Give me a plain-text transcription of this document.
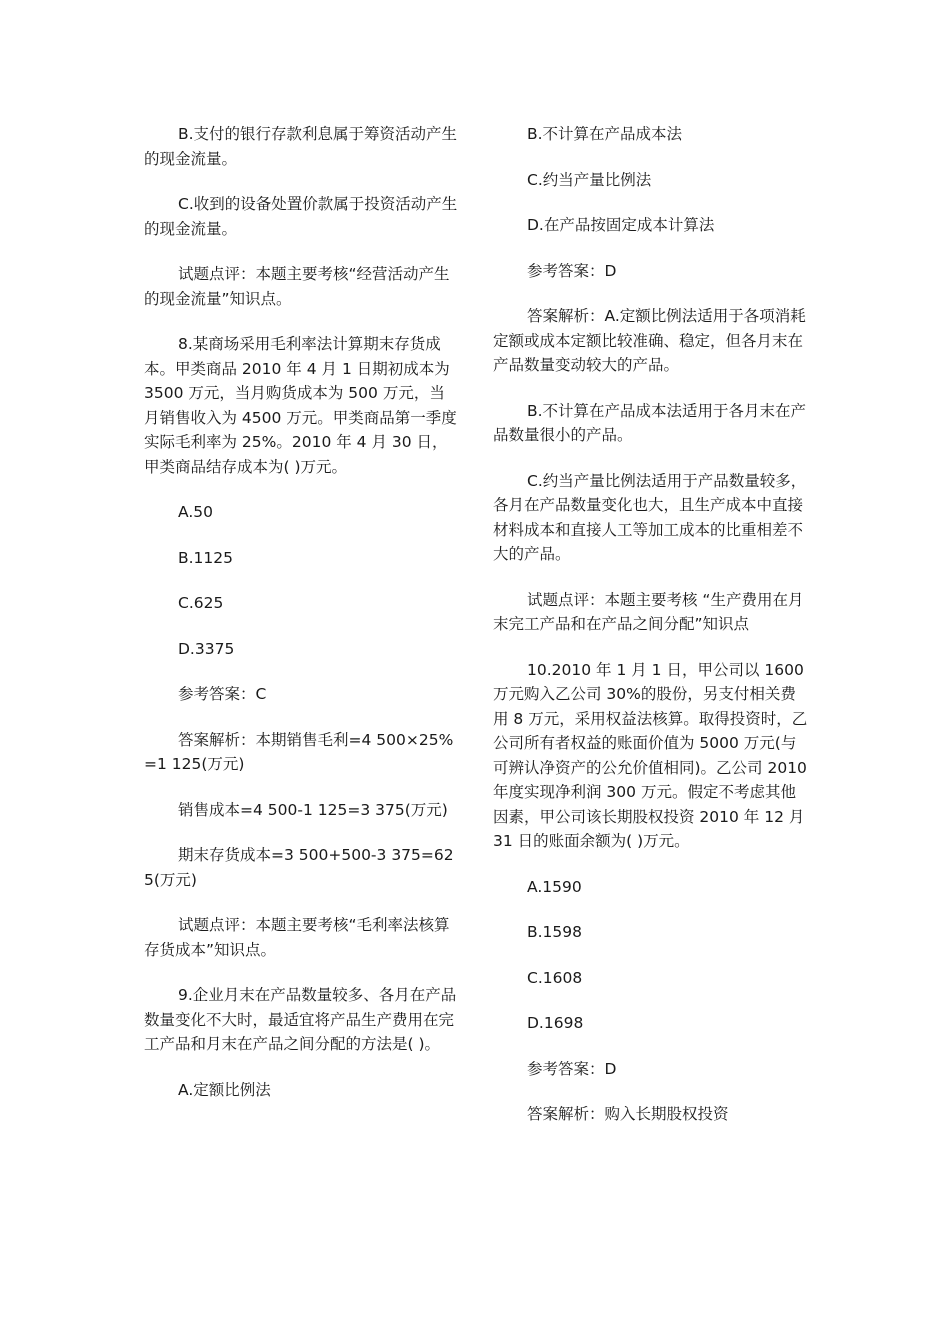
B.支付的银行存款利息属于筹资活动产生的现金流量。

C.收到的设备处置价款属于投资活动产生的现金流量。

试题点评：本题主要考核“经营活动产生的现金流量”知识点。

8.某商场采用毛利率法计算期末存货成本。甲类商品 2010 年 4 月 1 日期初成本为 3500 万元，当月购货成本为 500 万元，当月销售收入为 4500 万元。甲类商品第一季度实际毛利率为 25%。2010 年 4 月 30 日，甲类商品结存成本为( )万元。

A.50

B.1125

C.625

D.3375

参考答案：C

答案解析：本期销售毛利=4 500×25%=1 125(万元)

销售成本=4 500-1 125=3 375(万元)

期末存货成本=3 500+500-3 375=625(万元)

试题点评：本题主要考核“毛利率法核算存货成本”知识点。

9.企业月末在产品数量较多、各月在产品数量变化不大时，最适宜将产品生产费用在完工产品和月末在产品之间分配的方法是( )。

A.定额比例法

B.不计算在产品成本法

C.约当产量比例法

D.在产品按固定成本计算法

参考答案：D

答案解析：A.定额比例法适用于各项消耗定额或成本定额比较准确、稳定，但各月末在产品数量变动较大的产品。

B.不计算在产品成本法适用于各月末在产品数量很小的产品。

C.约当产量比例法适用于产品数量较多，各月在产品数量变化也大，且生产成本中直接材料成本和直接人工等加工成本的比重相差不大的产品。

试题点评：本题主要考核 “生产费用在月末完工产品和在产品之间分配”知识点

10.2010 年 1 月 1 日，甲公司以 1600 万元购入乙公司 30%的股份，另支付相关费用 8 万元，采用权益法核算。取得投资时，乙公司所有者权益的账面价值为 5000 万元(与可辨认净资产的公允价值相同)。乙公司 2010 年度实现净利润 300 万元。假定不考虑其他因素，甲公司该长期股权投资 2010 年 12 月 31 日的账面余额为( )万元。

A.1590

B.1598

C.1608

D.1698

参考答案：D

答案解析：购入长期股权投资
